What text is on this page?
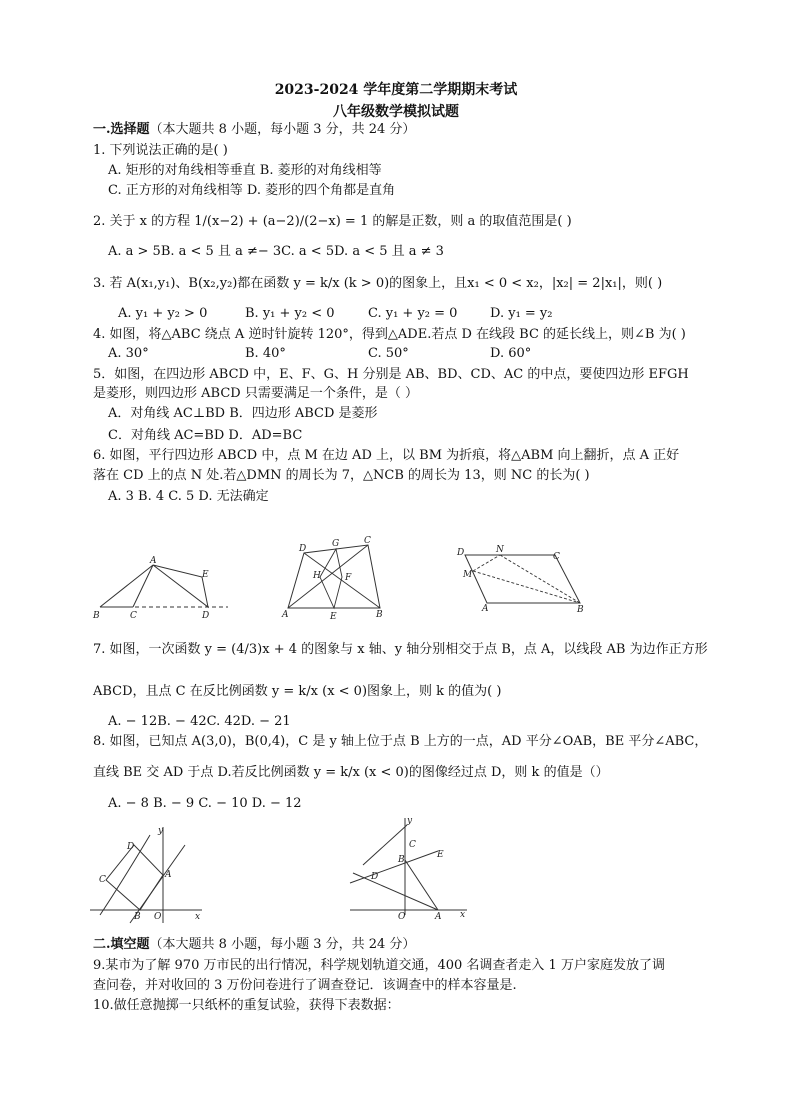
2023-2024 学年度第二学期期末考试
八年级数学模拟试题
一.选择题（本大题共 8 小题，每小题 3 分，共 24 分）
1. 下列说法正确的是( )
A. 矩形的对角线相等垂直 B. 菱形的对角线相等
C. 正方形的对角线相等 D. 菱形的四个角都是直角
2. 关于 x 的方程 1/(x−2) + (a−2)/(2−x) = 1 的解是正数，则 a 的取值范围是( )
A. a > 5B. a < 5 且 a ≠− 3C. a < 5D. a < 5 且 a ≠ 3
3. 若 A(x₁,y₁)、B(x₂,y₂)都在函数 y = k/x (k > 0)的图象上，且x₁ < 0 < x₂，|x₂| = 2|x₁|，则( )
A. y₁ + y₂ > 0	B. y₁ + y₂ < 0	C. y₁ + y₂ = 0	D. y₁ = y₂
4. 如图，将△ABC 绕点 A 逆时针旋转 120°，得到△ADE.若点 D 在线段 BC 的延长线上，则∠B 为( )
A. 30°	B. 40°	C. 50°	D. 60°
5．如图，在四边形 ABCD 中，E、F、G、H 分别是 AB、BD、CD、AC 的中点，要使四边形 EFGH
是菱形，则四边形 ABCD 只需要满足一个条件，是（ ）
A．对角线 AC⊥BD B．四边形 ABCD 是菱形
C．对角线 AC=BD D．AD=BC
6. 如图，平行四边形 ABCD 中，点 M 在边 AD 上，以 BM 为折痕，将△ABM 向上翻折，点 A 正好
落在 CD 上的点 N 处.若△DMN 的周长为 7，△NCB 的周长为 13，则 NC 的长为( )
A. 3 B. 4 C. 5 D. 无法确定
A
E
B	C	D
D	G	C
H	F
A	E	B
D	N
C
M
A	B
7. 如图，一次函数 y = (4/3)x + 4 的图象与 x 轴、y 轴分别相交于点 B，点 A，以线段 AB 为边作正方形
ABCD，且点 C 在反比例函数 y = k/x (x < 0)图象上，则 k 的值为( )
A. − 12B. − 42C. 42D. − 21
8. 如图，已知点 A(3,0)，B(0,4)，C 是 y 轴上位于点 B 上方的一点，AD 平分∠OAB，BE 平分∠ABC，
直线 BE 交 AD 于点 D.若反比例函数 y = k/x (x < 0)的图像经过点 D，则 k 的值是（）
A. − 8 B. − 9 C. − 10 D. − 12
y
D
C	A
B O	x
y
C
B	E
D
O	A x
二.填空题（本大题共 8 小题，每小题 3 分，共 24 分）
9.某市为了解 970 万市民的出行情况，科学规划轨道交通，400 名调查者走入 1 万户家庭发放了调
查问卷，并对收回的 3 万份问卷进行了调查登记．该调查中的样本容量是.
10.做任意抛掷一只纸杯的重复试验，获得下表数据：
